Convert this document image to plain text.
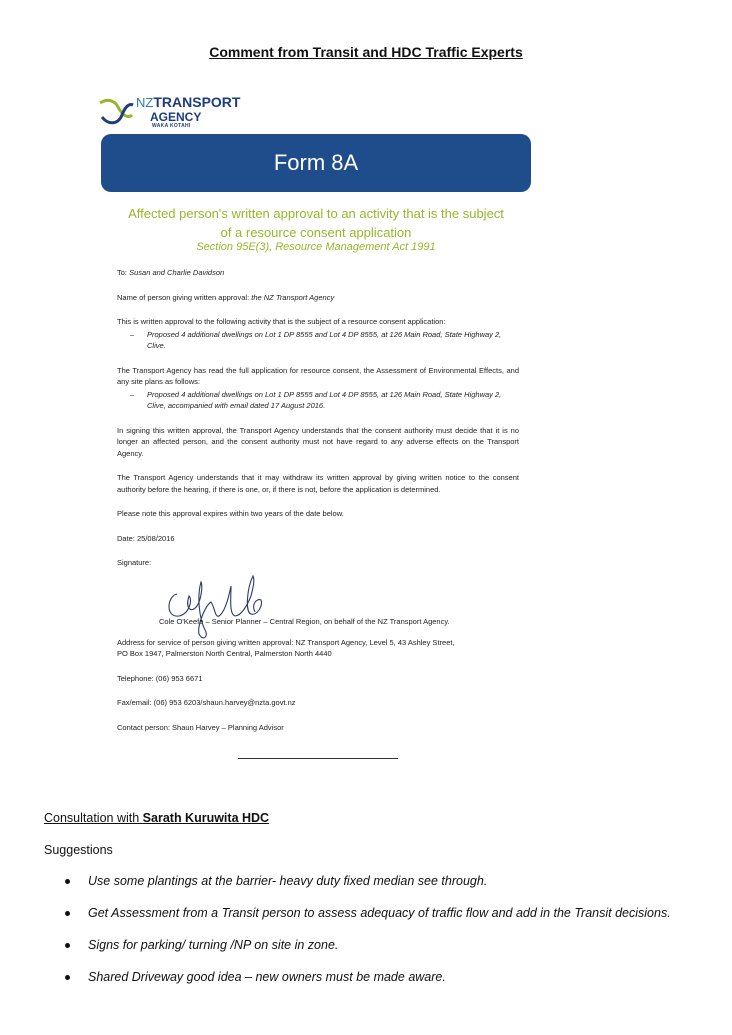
Comment from Transit and HDC Traffic Experts
NZTRANSPORT
AGENCY
WAKA KOTAHI
Form 8A
Affected person's written approval to an activity that is the subject
of a resource consent application
Section 95E(3), Resource Management Act 1991

To: Susan and Charlie Davidson

Name of person giving written approval: the NZ Transport Agency

This is written approval to the following activity that is the subject of a resource consent application:
–	Proposed 4 additional dwellings on Lot 1 DP 8555 and Lot 4 DP 8555, at 126 Main Road, State Highway 2, Clive.

The Transport Agency has read the full application for resource consent, the Assessment of Environmental Effects, and any site plans as follows:
–	Proposed 4 additional dwellings on Lot 1 DP 8555 and Lot 4 DP 8555, at 126 Main Road, State Highway 2, Clive, accompanied with email dated 17 August 2016.

In signing this written approval, the Transport Agency understands that the consent authority must decide that it is no longer an affected person, and the consent authority must not have regard to any adverse effects on the Transport Agency.

The Transport Agency understands that it may withdraw its written approval by giving written notice to the consent authority before the hearing, if there is one, or, if there is not, before the application is determined.

Please note this approval expires within two years of the date below.

Date: 25/08/2016

Signature:

Cole O'Keefe – Senior Planner – Central Region, on behalf of the NZ Transport Agency.

Address for service of person giving written approval: NZ Transport Agency, Level 5, 43 Ashley Street,
PO Box 1947, Palmerston North Central, Palmerston North 4440

Telephone: (06) 953 6671

Fax/email: (06) 953 6203/shaun.harvey@nzta.govt.nz

Contact person: Shaun Harvey – Planning Advisor

Consultation with Sarath Kuruwita HDC
Suggestions
Use some plantings at the barrier- heavy duty fixed median see through.
Get Assessment from a Transit person to assess adequacy of traffic flow and add in the Transit decisions.
Signs for parking/ turning /NP on site in zone.
Shared Driveway good idea – new owners must be made aware.
